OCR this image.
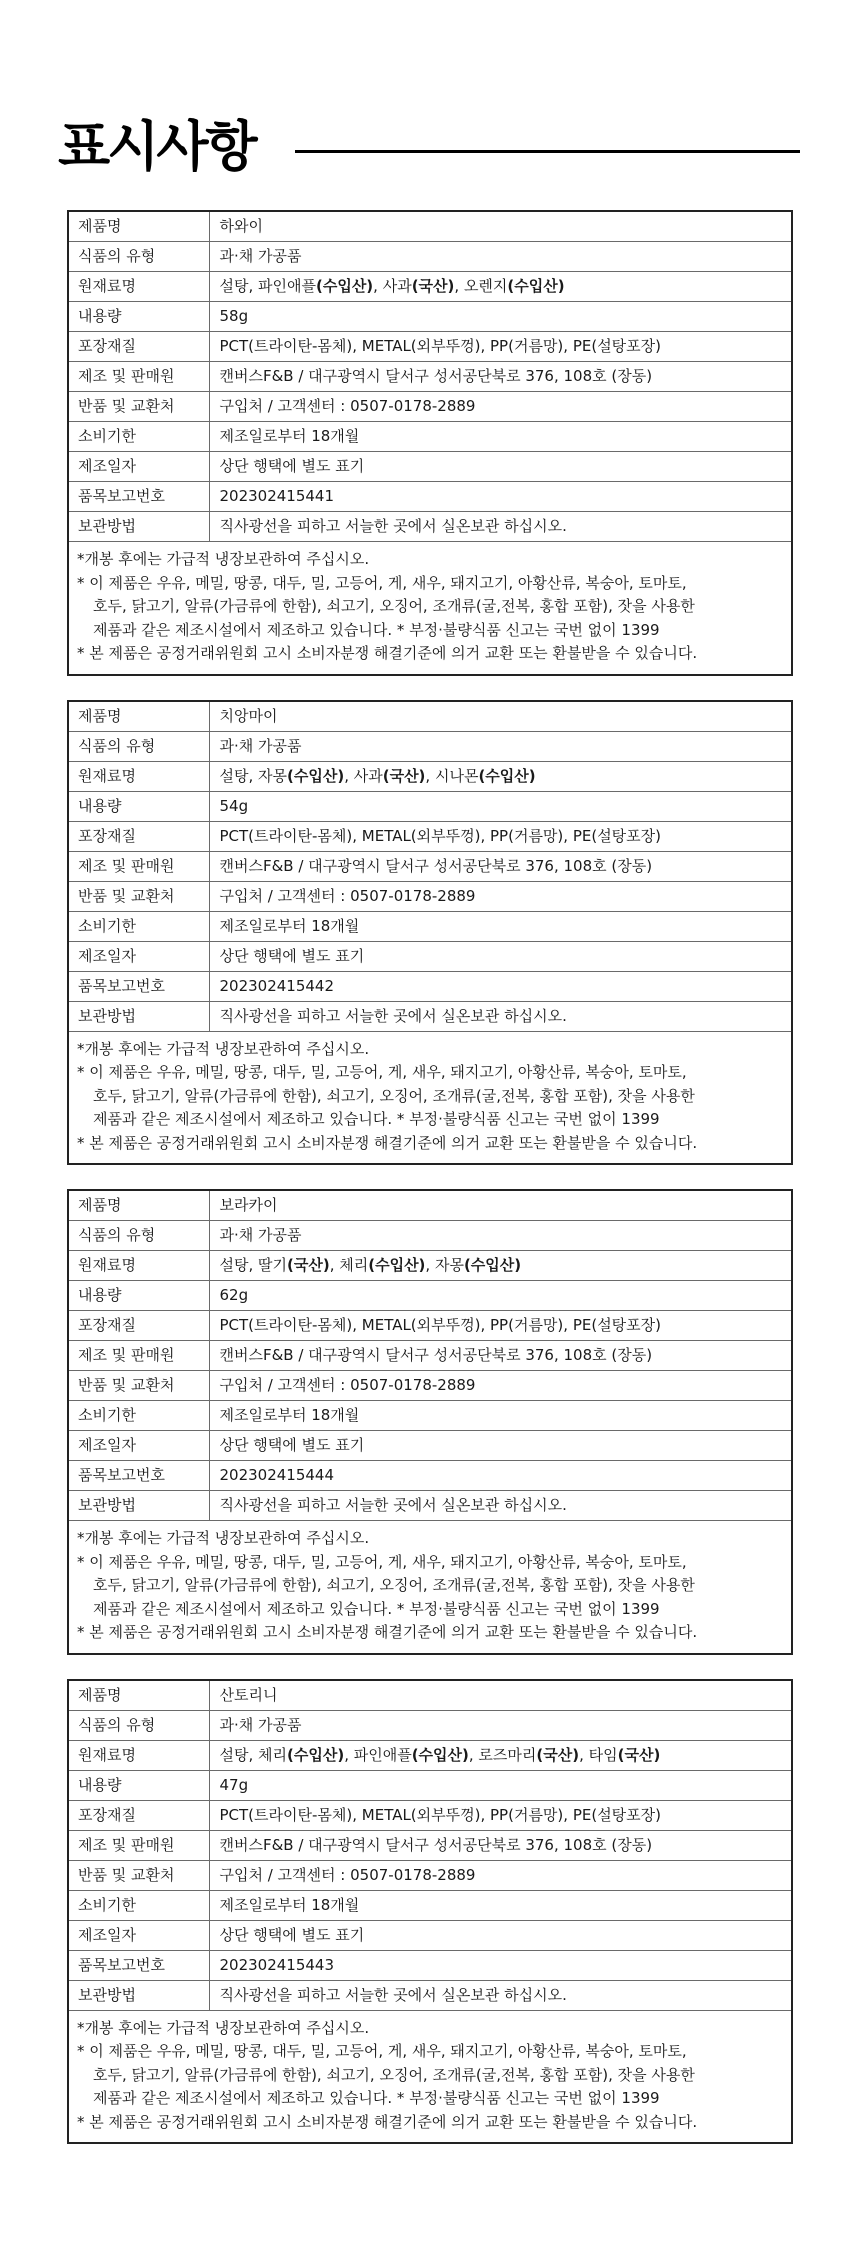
표시사항
제품명	하와이
식품의 유형	과·채 가공품
원재료명	설탕, 파인애플(수입산), 사과(국산), 오렌지(수입산)
내용량	58g
포장재질	PCT(트라이탄-몸체), METAL(외부뚜껑), PP(거름망), PE(설탕포장)
제조 및 판매원	캔버스F&B / 대구광역시 달서구 성서공단북로 376, 108호 (장동)
반품 및 교환처	구입처 / 고객센터 : 0507-0178-2889
소비기한	제조일로부터 18개월
제조일자	상단 행택에 별도 표기
품목보고번호	202302415441
보관방법	직사광선을 피하고 서늘한 곳에서 실온보관 하십시오.
*개봉 후에는 가급적 냉장보관하여 주십시오.
* 이 제품은 우유, 메밀, 땅콩, 대두, 밀, 고등어, 게, 새우, 돼지고기, 아황산류, 복숭아, 토마토,
호두, 닭고기, 알류(가금류에 한함), 쇠고기, 오징어, 조개류(굴,전복, 홍합 포함), 잣을 사용한
제품과 같은 제조시설에서 제조하고 있습니다. * 부정·불량식품 신고는 국번 없이 1399
* 본 제품은 공정거래위원회 고시 소비자분쟁 해결기준에 의거 교환 또는 환불받을 수 있습니다.
제품명	치앙마이
식품의 유형	과·채 가공품
원재료명	설탕, 자몽(수입산), 사과(국산), 시나몬(수입산)
내용량	54g
포장재질	PCT(트라이탄-몸체), METAL(외부뚜껑), PP(거름망), PE(설탕포장)
제조 및 판매원	캔버스F&B / 대구광역시 달서구 성서공단북로 376, 108호 (장동)
반품 및 교환처	구입처 / 고객센터 : 0507-0178-2889
소비기한	제조일로부터 18개월
제조일자	상단 행택에 별도 표기
품목보고번호	202302415442
보관방법	직사광선을 피하고 서늘한 곳에서 실온보관 하십시오.
*개봉 후에는 가급적 냉장보관하여 주십시오.
* 이 제품은 우유, 메밀, 땅콩, 대두, 밀, 고등어, 게, 새우, 돼지고기, 아황산류, 복숭아, 토마토,
호두, 닭고기, 알류(가금류에 한함), 쇠고기, 오징어, 조개류(굴,전복, 홍합 포함), 잣을 사용한
제품과 같은 제조시설에서 제조하고 있습니다. * 부정·불량식품 신고는 국번 없이 1399
* 본 제품은 공정거래위원회 고시 소비자분쟁 해결기준에 의거 교환 또는 환불받을 수 있습니다.
제품명	보라카이
식품의 유형	과·채 가공품
원재료명	설탕, 딸기(국산), 체리(수입산), 자몽(수입산)
내용량	62g
포장재질	PCT(트라이탄-몸체), METAL(외부뚜껑), PP(거름망), PE(설탕포장)
제조 및 판매원	캔버스F&B / 대구광역시 달서구 성서공단북로 376, 108호 (장동)
반품 및 교환처	구입처 / 고객센터 : 0507-0178-2889
소비기한	제조일로부터 18개월
제조일자	상단 행택에 별도 표기
품목보고번호	202302415444
보관방법	직사광선을 피하고 서늘한 곳에서 실온보관 하십시오.
*개봉 후에는 가급적 냉장보관하여 주십시오.
* 이 제품은 우유, 메밀, 땅콩, 대두, 밀, 고등어, 게, 새우, 돼지고기, 아황산류, 복숭아, 토마토,
호두, 닭고기, 알류(가금류에 한함), 쇠고기, 오징어, 조개류(굴,전복, 홍합 포함), 잣을 사용한
제품과 같은 제조시설에서 제조하고 있습니다. * 부정·불량식품 신고는 국번 없이 1399
* 본 제품은 공정거래위원회 고시 소비자분쟁 해결기준에 의거 교환 또는 환불받을 수 있습니다.
제품명	산토리니
식품의 유형	과·채 가공품
원재료명	설탕, 체리(수입산), 파인애플(수입산), 로즈마리(국산), 타임(국산)
내용량	47g
포장재질	PCT(트라이탄-몸체), METAL(외부뚜껑), PP(거름망), PE(설탕포장)
제조 및 판매원	캔버스F&B / 대구광역시 달서구 성서공단북로 376, 108호 (장동)
반품 및 교환처	구입처 / 고객센터 : 0507-0178-2889
소비기한	제조일로부터 18개월
제조일자	상단 행택에 별도 표기
품목보고번호	202302415443
보관방법	직사광선을 피하고 서늘한 곳에서 실온보관 하십시오.
*개봉 후에는 가급적 냉장보관하여 주십시오.
* 이 제품은 우유, 메밀, 땅콩, 대두, 밀, 고등어, 게, 새우, 돼지고기, 아황산류, 복숭아, 토마토,
호두, 닭고기, 알류(가금류에 한함), 쇠고기, 오징어, 조개류(굴,전복, 홍합 포함), 잣을 사용한
제품과 같은 제조시설에서 제조하고 있습니다. * 부정·불량식품 신고는 국번 없이 1399
* 본 제품은 공정거래위원회 고시 소비자분쟁 해결기준에 의거 교환 또는 환불받을 수 있습니다.
